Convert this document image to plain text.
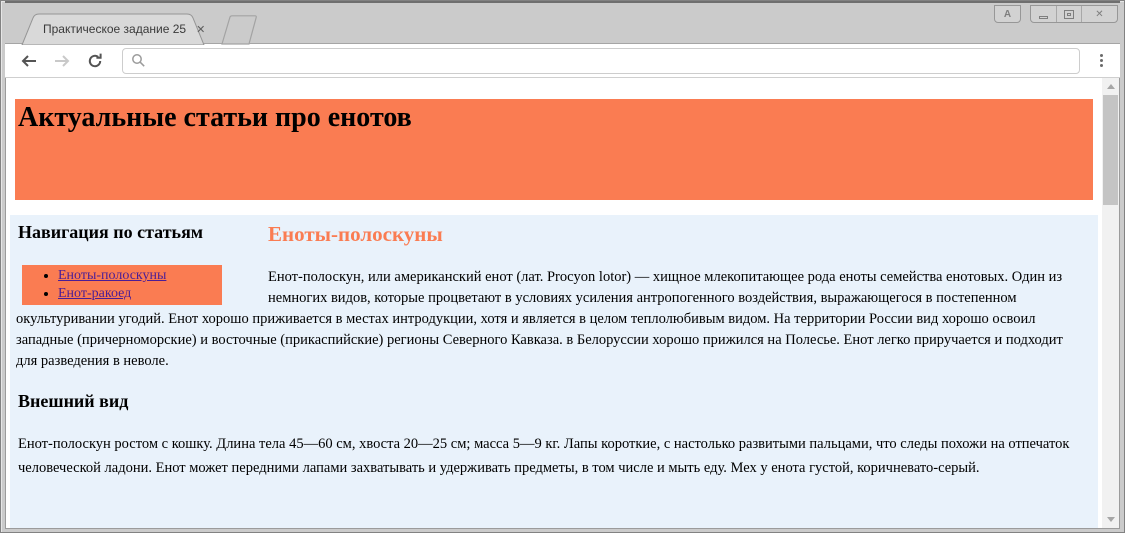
Практическое задание 25 ✕
А	✕
Актуальные статьи про енотов
Навигация по статьям
• Еноты-полоскуны
• Енот-ракоед
Еноты-полоскуны

Енот-полоскун, или американский енот (лат. Procyon lotor) — хищное млекопитающее рода еноты семейства енотовых. Один из немногих видов, которые процветают в условиях усиления антропогенного воздействия, выражающегося в постепенном окультуривании угодий. Енот хорошо приживается в местах интродукции, хотя и является в целом теплолюбивым видом. На территории России вид хорошо освоил западные (причерноморские) и восточные (прикаспийские) регионы Северного Кавказа. в Белоруссии хорошо прижился на Полесье. Енот легко приручается и подходит для разведения в неволе.

Внешний вид

Енот-полоскун ростом с кошку. Длина тела 45—60 см, хвоста 20—25 см; масса 5—9 кг. Лапы короткие, с настолько развитыми пальцами, что следы похожи на отпечаток человеческой ладони. Енот может передними лапами захватывать и удерживать предметы, в том числе и мыть еду. Мех у енота густой, коричневато-серый.
